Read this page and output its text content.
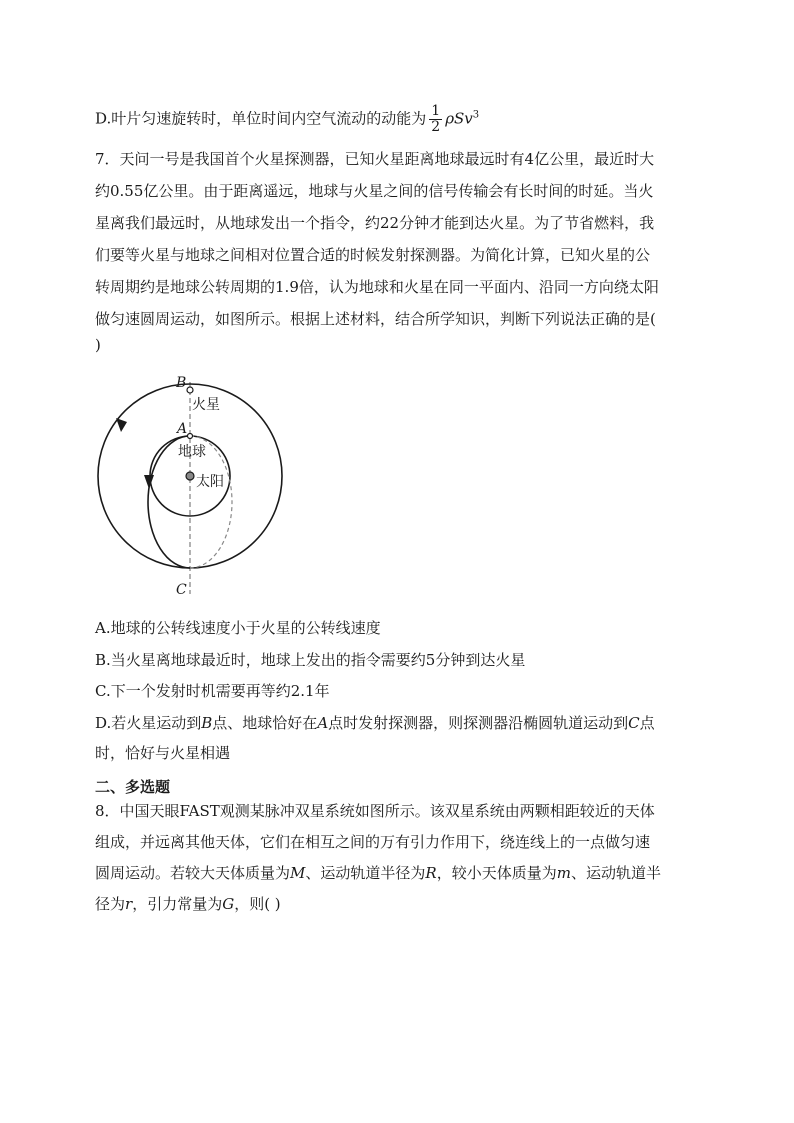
D.叶片匀速旋转时，单位时间内空气流动的动能为 $\frac{1}{2} \rho Sv^3$
7．天问一号是我国首个火星探测器，已知火星距离地球最远时有4亿公里，最近时大
约0.55亿公里。由于距离遥远，地球与火星之间的信号传输会有长时间的时延。当火
星离我们最远时，从地球发出一个指令，约22分钟才能到达火星。为了节省燃料，我
们要等火星与地球之间相对位置合适的时候发射探测器。为简化计算，已知火星的公
转周期约是地球公转周期的1.9倍，认为地球和火星在同一平面内、沿同一方向绕太阳
做匀速圆周运动，如图所示。根据上述材料，结合所学知识，判断下列说法正确的是(
)
B
火星
A
地球
太阳
C
A.地球的公转线速度小于火星的公转线速度
B.当火星离地球最近时，地球上发出的指令需要约5分钟到达火星
C.下一个发射时机需要再等约2.1年
D.若火星运动到B点、地球恰好在A点时发射探测器，则探测器沿椭圆轨道运动到C点
时，恰好与火星相遇
二、多选题
8．中国天眼FAST观测某脉冲双星系统如图所示。该双星系统由两颗相距较近的天体
组成，并远离其他天体，它们在相互之间的万有引力作用下，绕连线上的一点做匀速
圆周运动。若较大天体质量为M、运动轨道半径为R，较小天体质量为m、运动轨道半
径为r，引力常量为G，则( )
